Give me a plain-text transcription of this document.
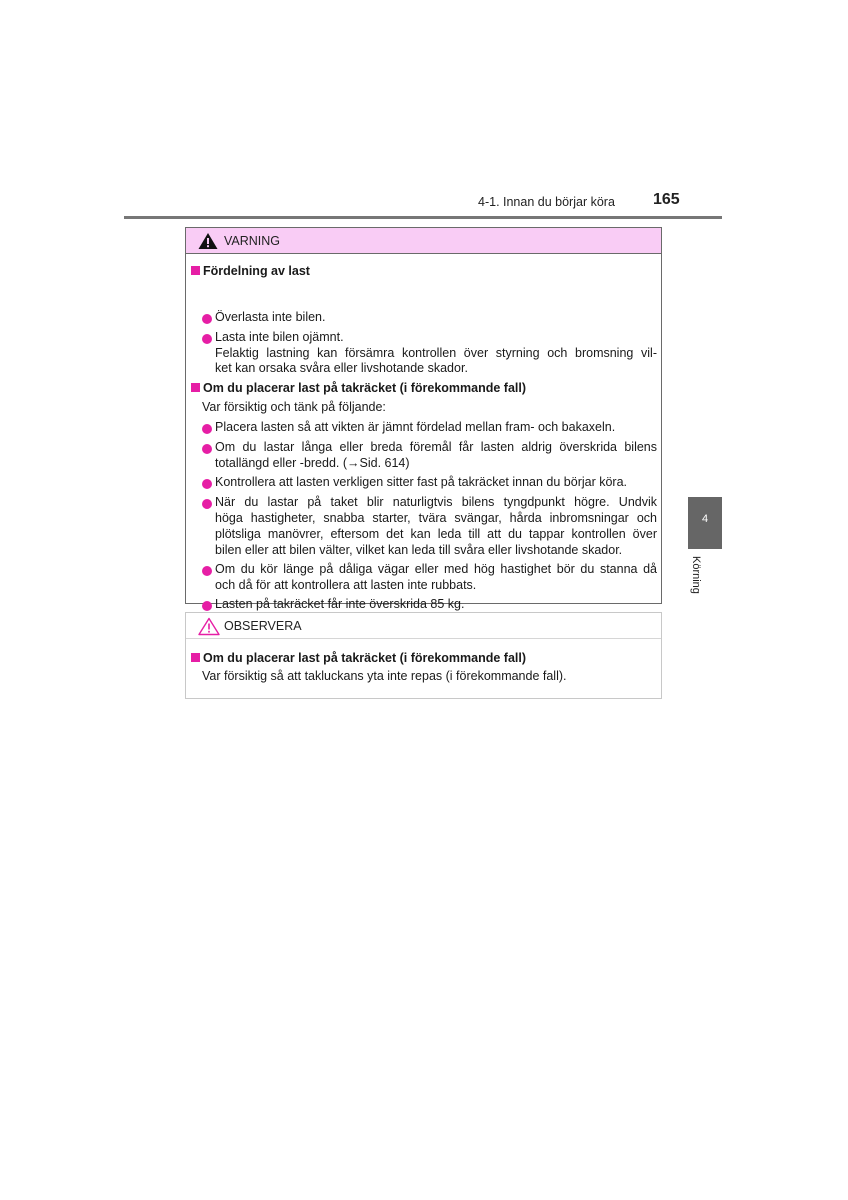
4-1. Innan du börjar köra 165
4
Körning
VARNING
Fördelning av last
Överlasta inte bilen.
Lasta inte bilen ojämnt.
Felaktig lastning kan försämra kontrollen över styrning och bromsning vil-
ket kan orsaka svåra eller livshotande skador.
Om du placerar last på takräcket (i förekommande fall)
Var försiktig och tänk på följande:
Placera lasten så att vikten är jämnt fördelad mellan fram- och bakaxeln.
Om du lastar långa eller breda föremål får lasten aldrig överskrida bilens
totallängd eller -bredd. (→Sid. 614)
Kontrollera att lasten verkligen sitter fast på takräcket innan du börjar köra.
När du lastar på taket blir naturligtvis bilens tyngdpunkt högre. Undvik
höga hastigheter, snabba starter, tvära svängar, hårda inbromsningar och
plötsliga manövrer, eftersom det kan leda till att du tappar kontrollen över
bilen eller att bilen välter, vilket kan leda till svåra eller livshotande skador.
Om du kör länge på dåliga vägar eller med hög hastighet bör du stanna då
och då för att kontrollera att lasten inte rubbats.
Lasten på takräcket får inte överskrida 85 kg.
OBSERVERA
Om du placerar last på takräcket (i förekommande fall)
Var försiktig så att takluckans yta inte repas (i förekommande fall).
